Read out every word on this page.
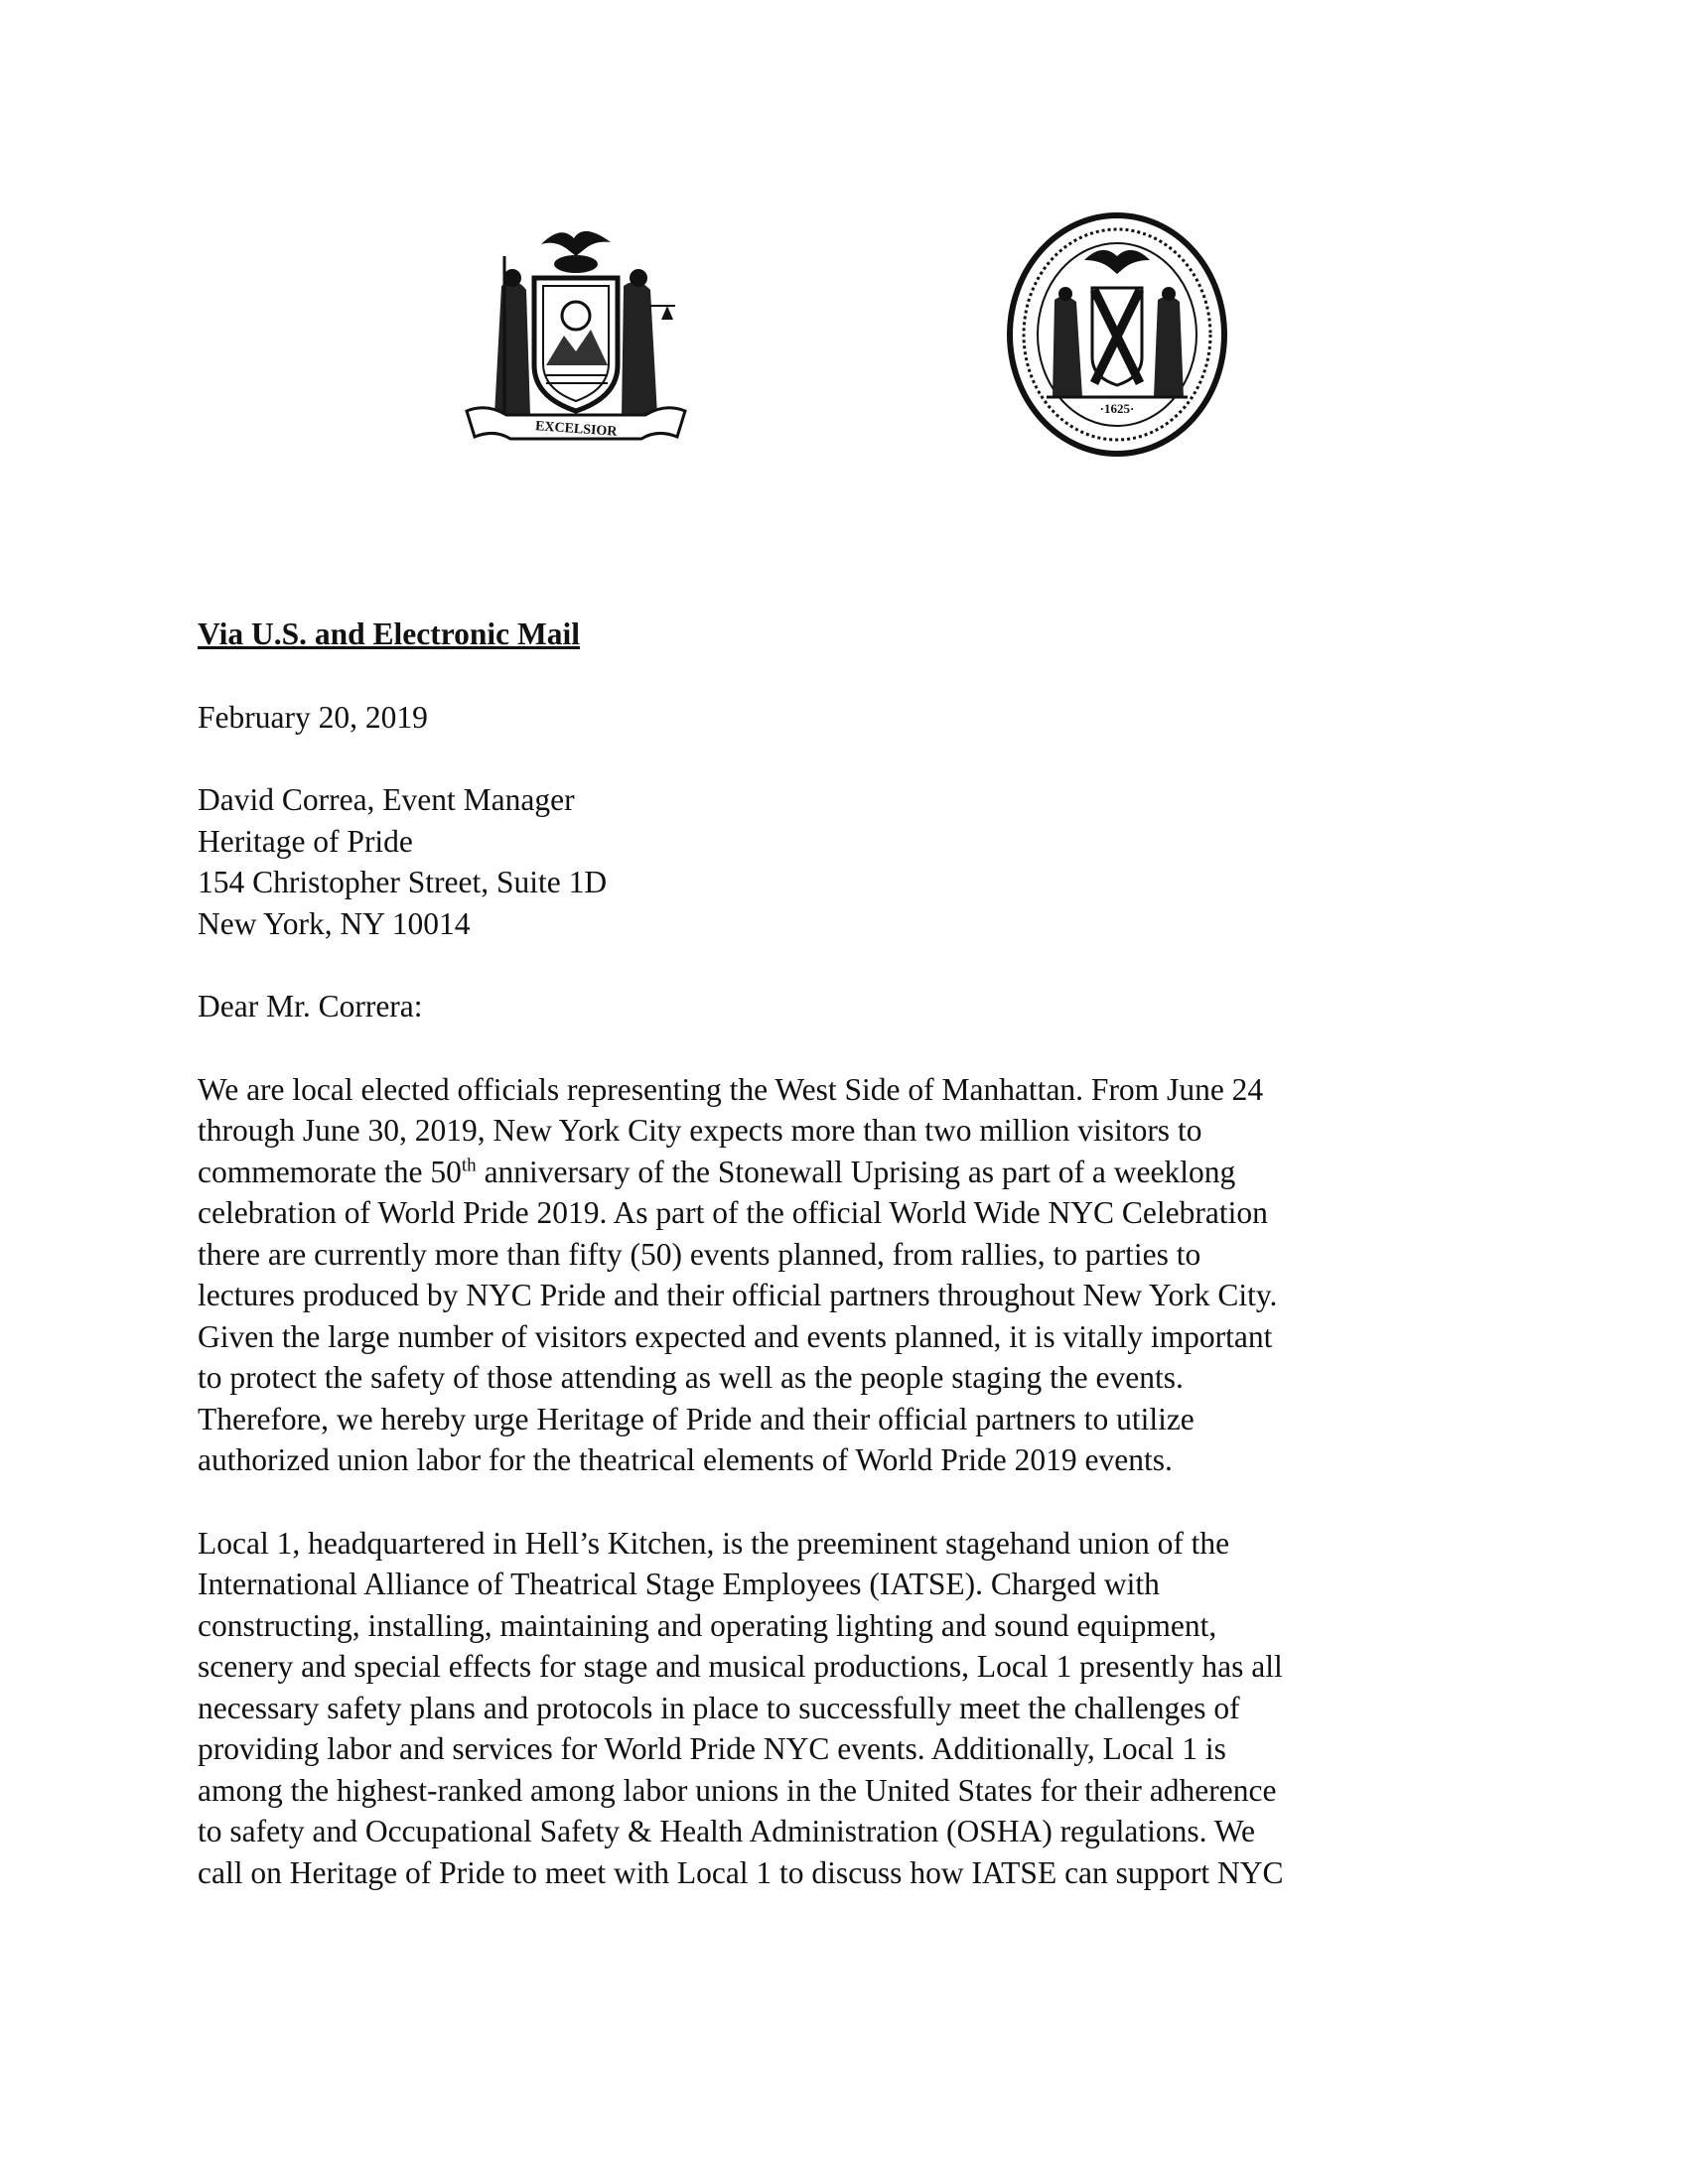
EXCELSIOR
·1625·
Via U.S. and Electronic Mail
February 20, 2019
David Correa, Event Manager
Heritage of Pride
154 Christopher Street, Suite 1D
New York, NY 10014
Dear Mr. Correra:
We are local elected officials representing the West Side of Manhattan. From June 24
through June 30, 2019, New York City expects more than two million visitors to
commemorate the 50th anniversary of the Stonewall Uprising as part of a weeklong
celebration of World Pride 2019. As part of the official World Wide NYC Celebration
there are currently more than fifty (50) events planned, from rallies, to parties to
lectures produced by NYC Pride and their official partners throughout New York City.
Given the large number of visitors expected and events planned, it is vitally important
to protect the safety of those attending as well as the people staging the events.
Therefore, we hereby urge Heritage of Pride and their official partners to utilize
authorized union labor for the theatrical elements of World Pride 2019 events.
Local 1, headquartered in Hell’s Kitchen, is the preeminent stagehand union of the
International Alliance of Theatrical Stage Employees (IATSE). Charged with
constructing, installing, maintaining and operating lighting and sound equipment,
scenery and special effects for stage and musical productions, Local 1 presently has all
necessary safety plans and protocols in place to successfully meet the challenges of
providing labor and services for World Pride NYC events. Additionally, Local 1 is
among the highest-ranked among labor unions in the United States for their adherence
to safety and Occupational Safety & Health Administration (OSHA) regulations. We
call on Heritage of Pride to meet with Local 1 to discuss how IATSE can support NYC
